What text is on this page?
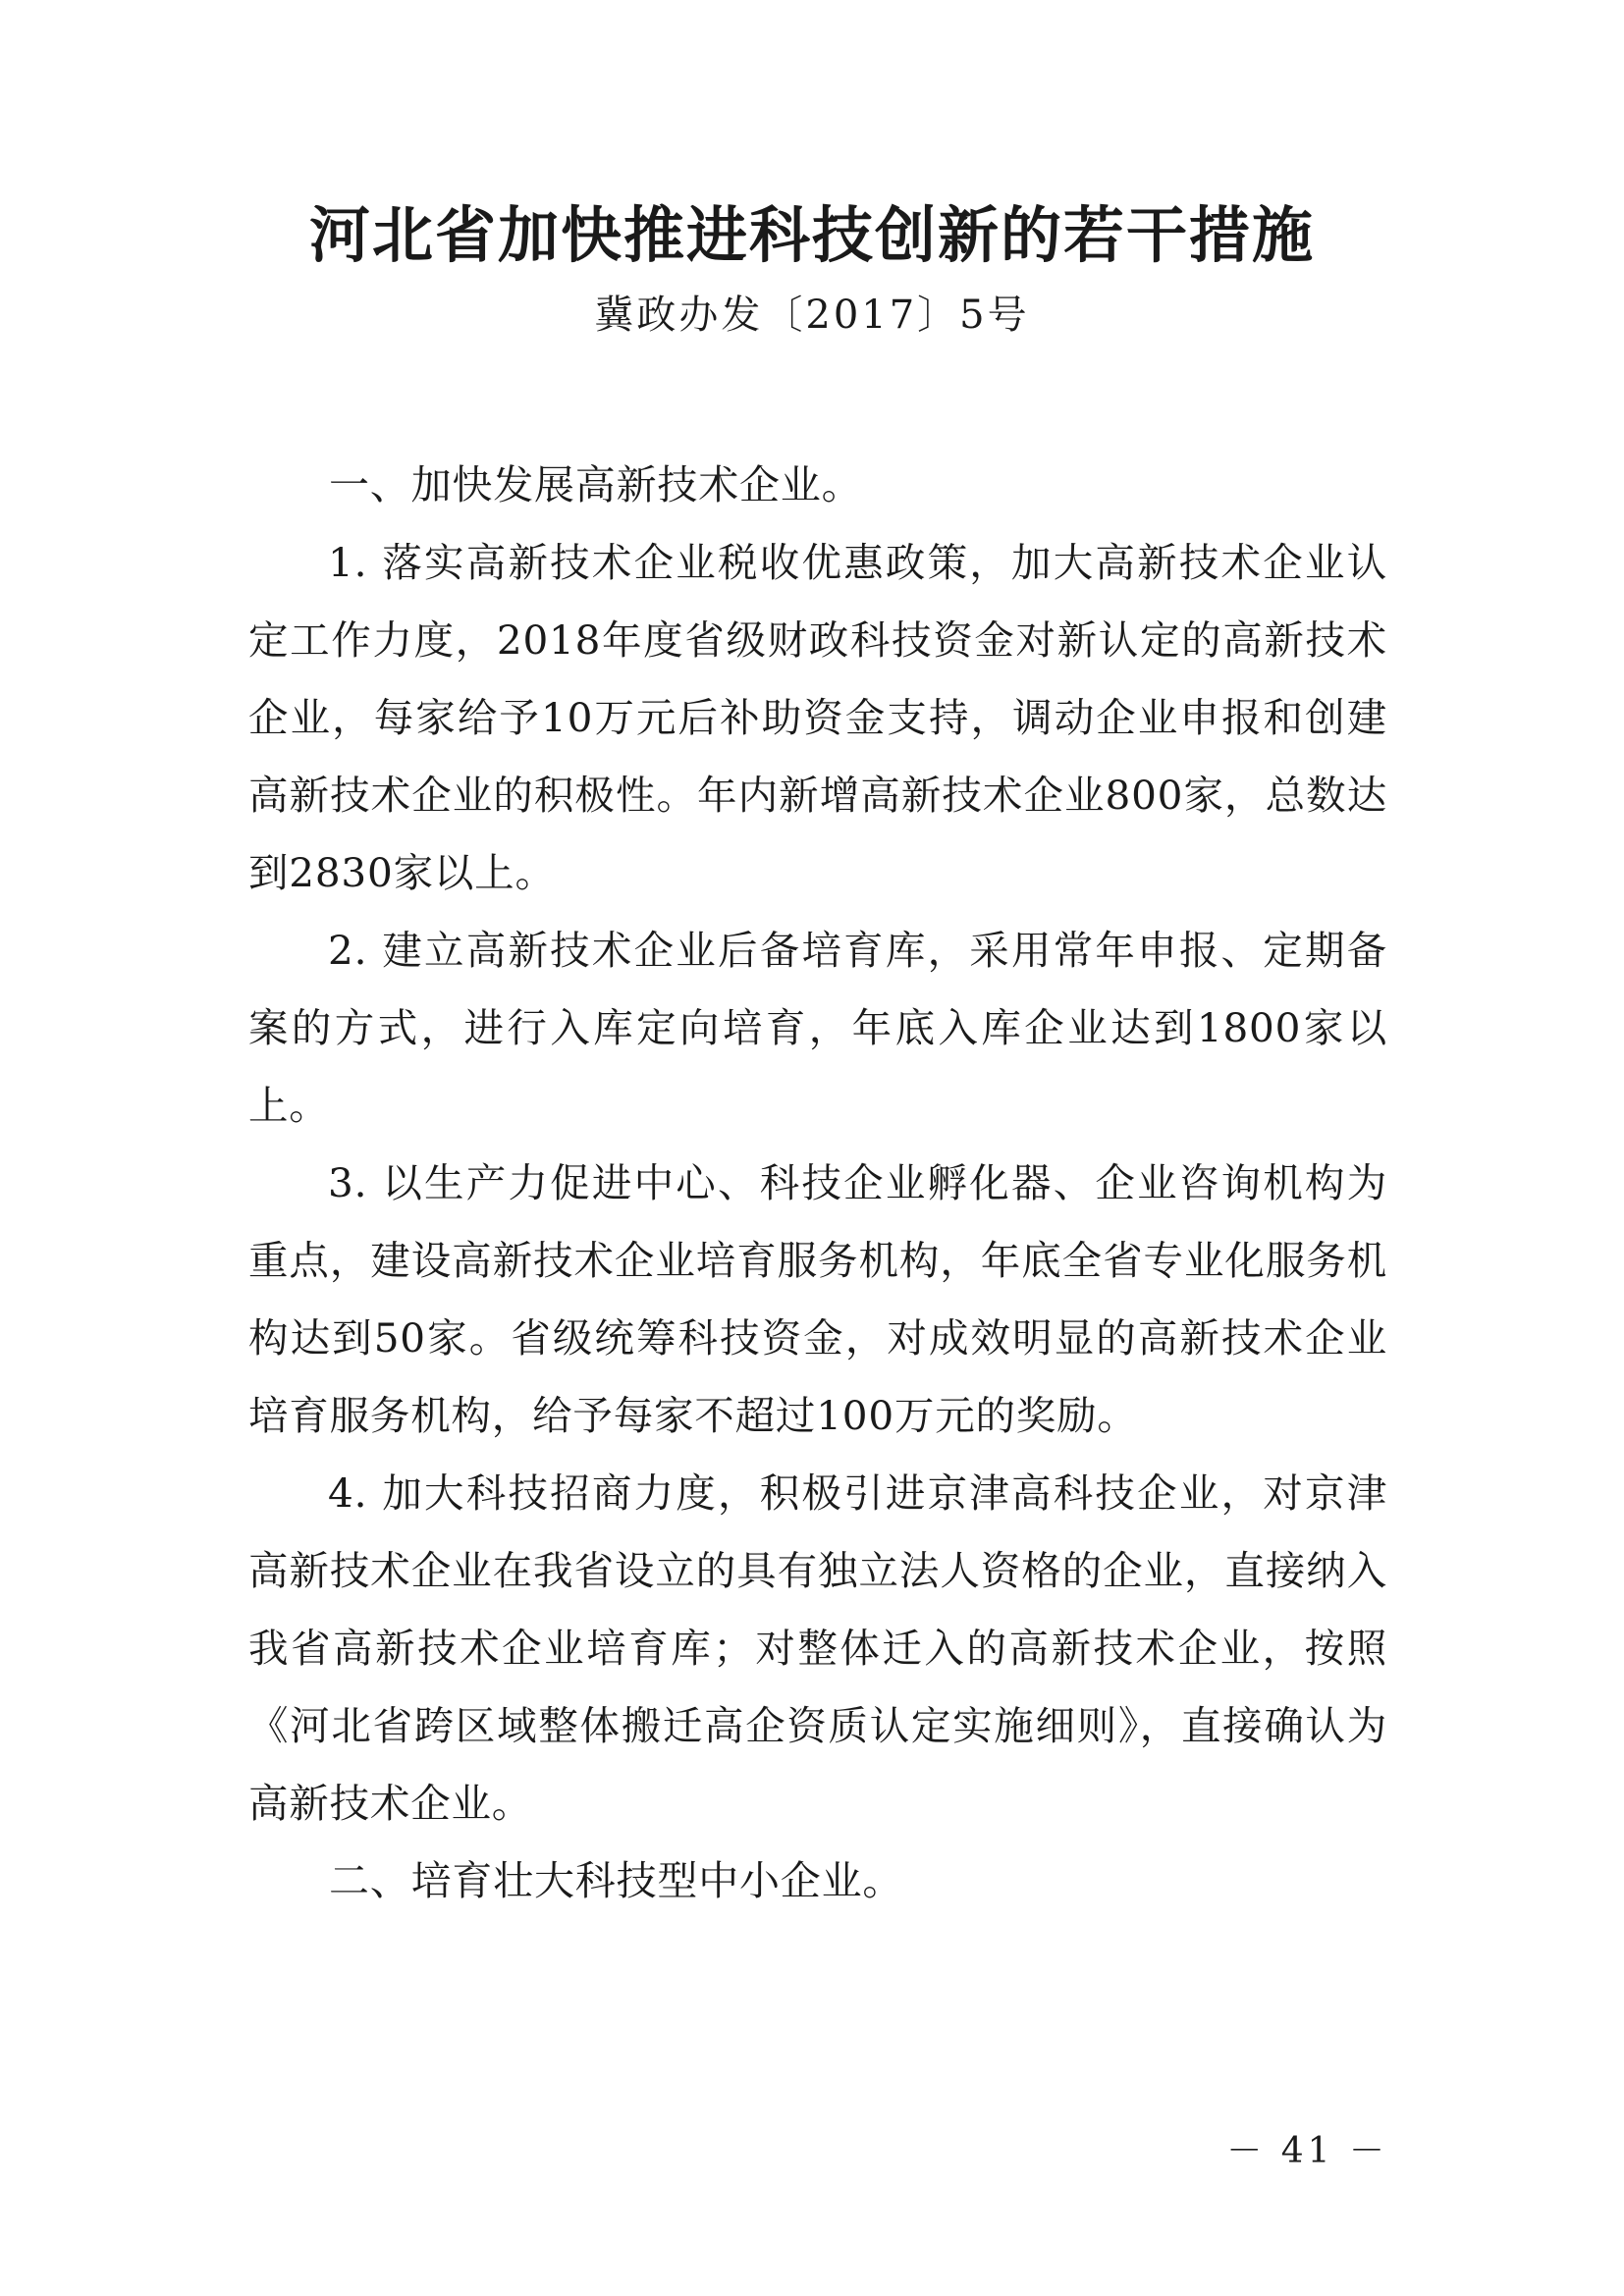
河北省加快推进科技创新的若干措施
冀政办发〔2017〕5号
一、加快发展高新技术企业。

1. 落实高新技术企业税收优惠政策，加大高新技术企业认定工作力度，2018年度省级财政科技资金对新认定的高新技术企业，每家给予10万元后补助资金支持，调动企业申报和创建高新技术企业的积极性。年内新增高新技术企业800家，总数达到2830家以上。

2. 建立高新技术企业后备培育库，采用常年申报、定期备案的方式，进行入库定向培育，年底入库企业达到1800家以上。

3. 以生产力促进中心、科技企业孵化器、企业咨询机构为重点，建设高新技术企业培育服务机构，年底全省专业化服务机构达到50家。省级统筹科技资金，对成效明显的高新技术企业培育服务机构，给予每家不超过100万元的奖励。

4. 加大科技招商力度，积极引进京津高科技企业，对京津高新技术企业在我省设立的具有独立法人资格的企业，直接纳入我省高新技术企业培育库；对整体迁入的高新技术企业，按照《河北省跨区域整体搬迁高企资质认定实施细则》，直接确认为高新技术企业。

二、培育壮大科技型中小企业。
－ 41 －
